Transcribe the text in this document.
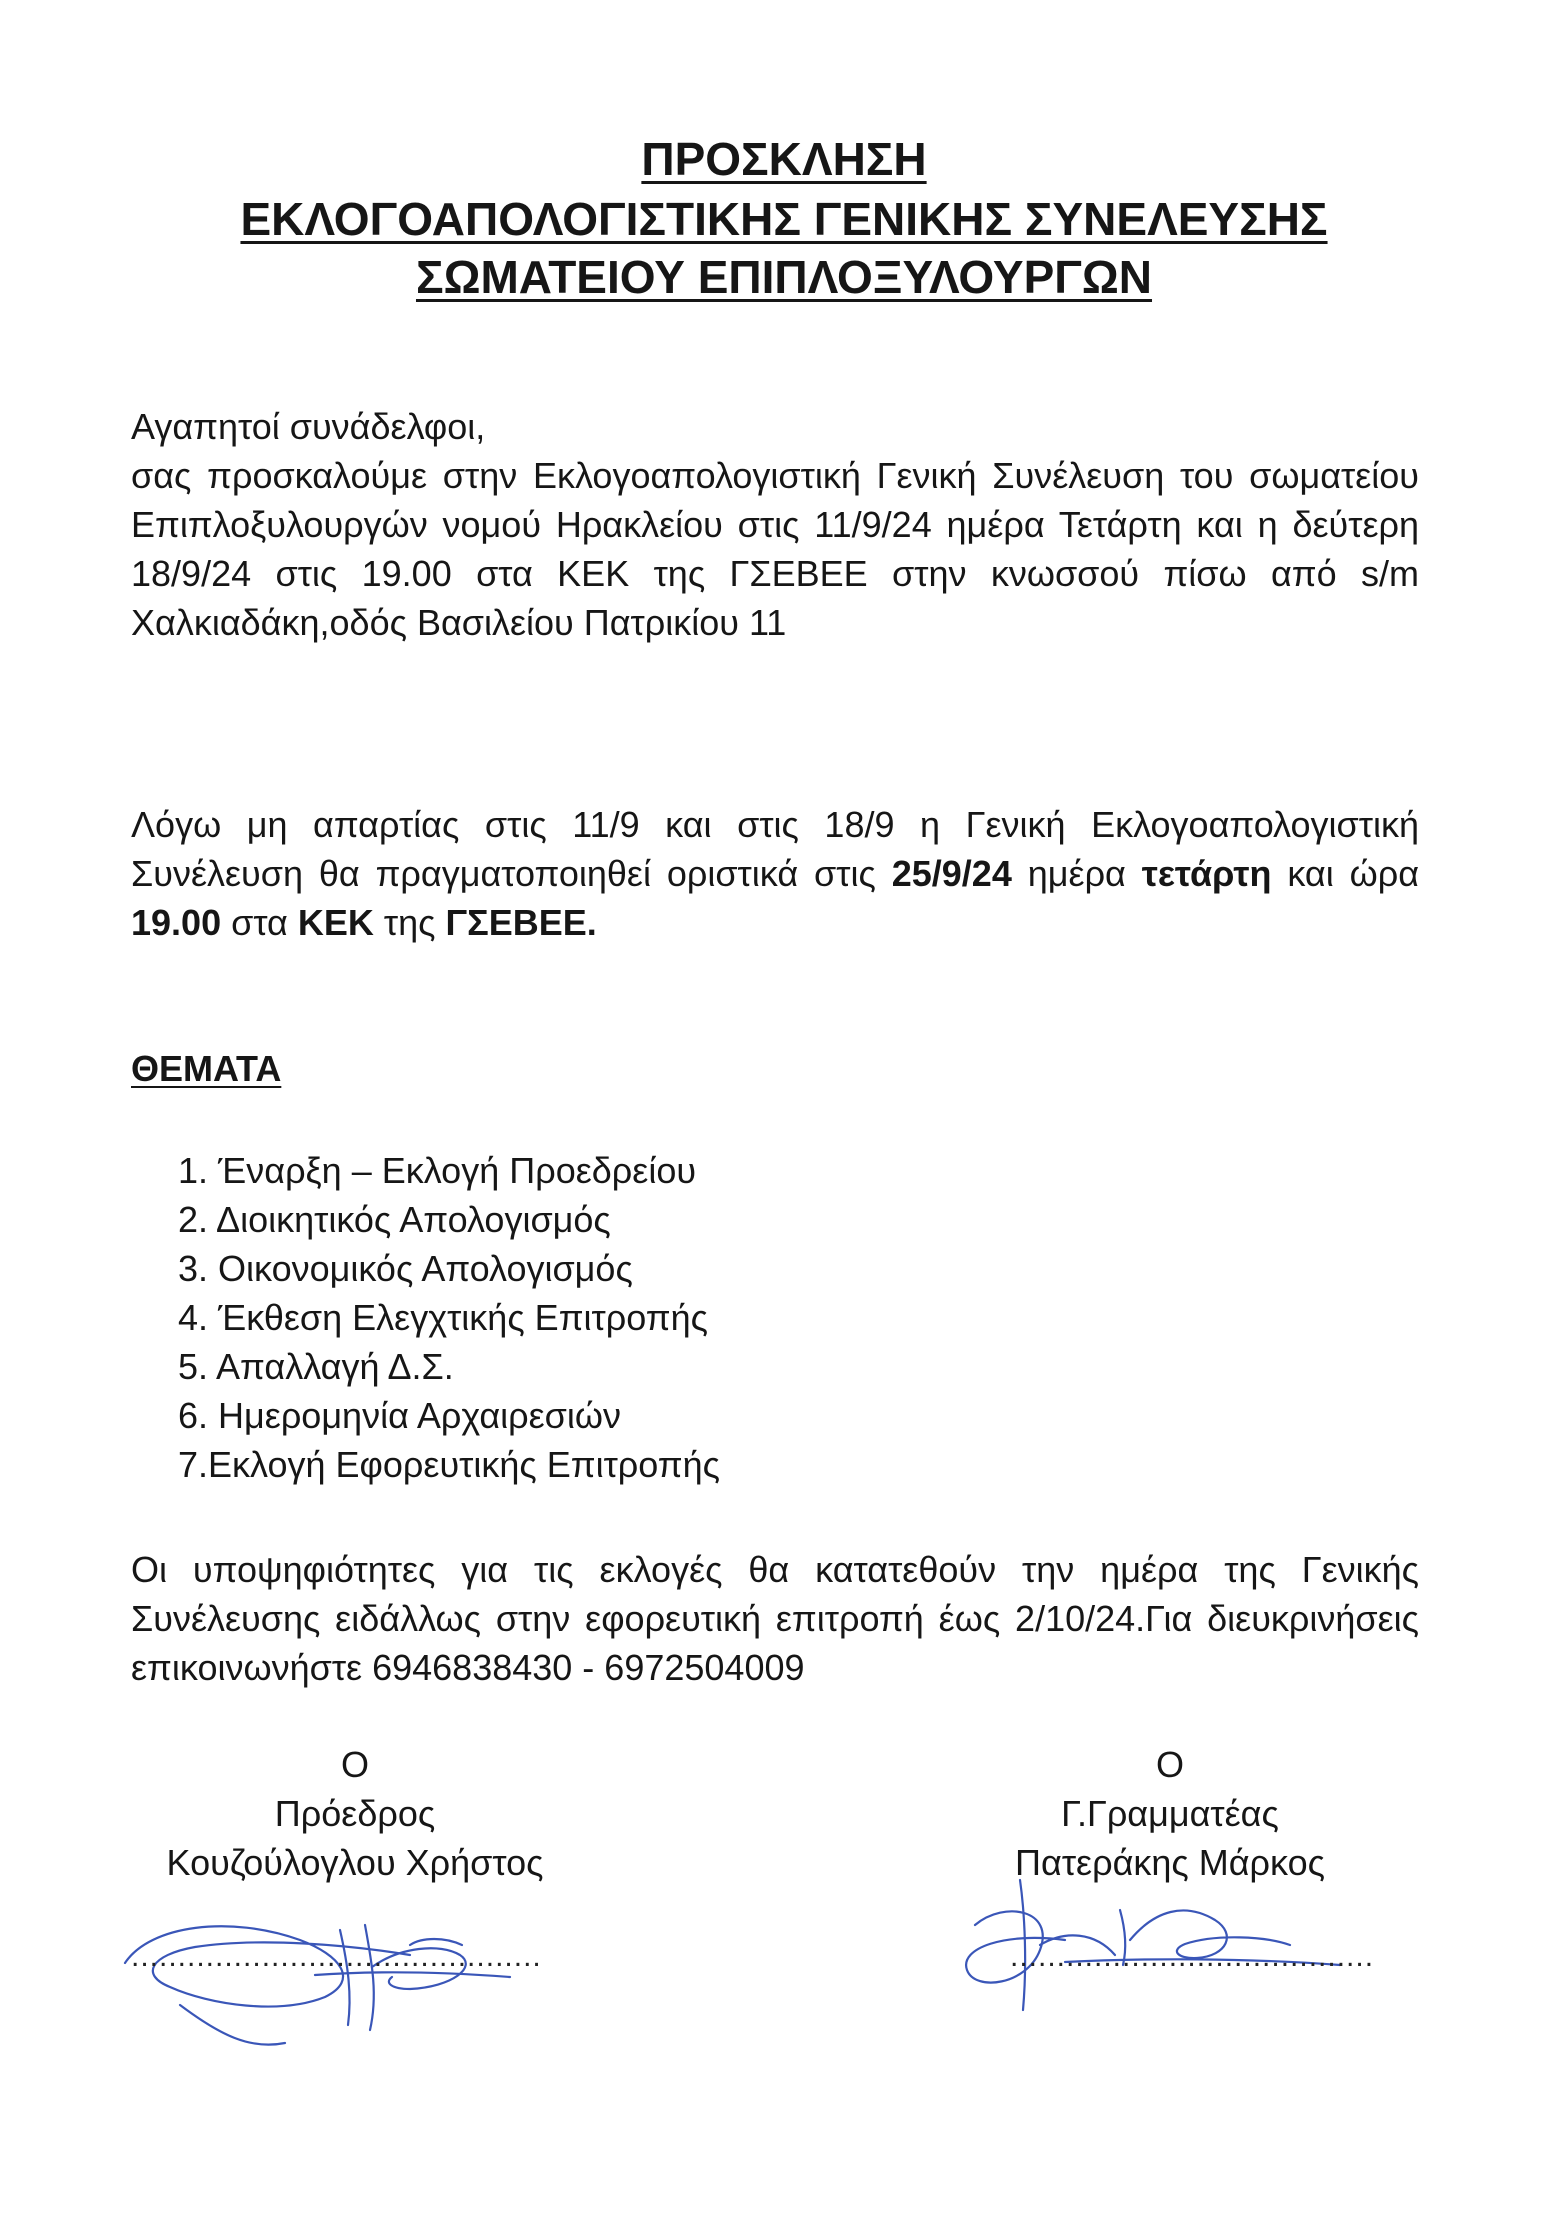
ΠΡΟΣΚΛΗΣΗ
ΕΚΛΟΓΟΑΠΟΛΟΓΙΣΤΙΚΗΣ ΓΕΝΙΚΗΣ ΣΥΝΕΛΕΥΣΗΣ
ΣΩΜΑΤΕΙΟΥ ΕΠΙΠΛΟΞΥΛΟΥΡΓΩΝ

Αγαπητοί συνάδελφοι,

σας προσκαλούμε στην Εκλογοαπολογιστική Γενική Συνέλευση του σωματείου Επιπλοξυλουργών νομού Ηρακλείου στις 11/9/24 ημέρα Τετάρτη και η δεύτερη 18/9/24 στις 19.00 στα ΚΕΚ της ΓΣΕΒΕΕ στην κνωσσού πίσω από s/m Χαλκιαδάκη,οδός Βασιλείου Πατρικίου 11

Λόγω μη απαρτίας στις 11/9 και στις 18/9 η Γενική Εκλογοαπολογιστική Συνέλευση θα πραγματοποιηθεί οριστικά στις 25/9/24 ημέρα τετάρτη και ώρα 19.00 στα ΚΕΚ της ΓΣΕΒΕΕ.

ΘΕΜΑΤΑ
1. Έναρξη – Εκλογή Προεδρείου
2. Διοικητικός Απολογισμός
3. Οικονομικός Απολογισμός
4. Έκθεση Ελεγχτικής Επιτροπής
5. Απαλλαγή Δ.Σ.
6. Ημερομηνία Αρχαιρεσιών
7.Εκλογή Εφορευτικής Επιτροπής

Οι υποψηφιότητες για τις εκλογές θα κατατεθούν την ημέρα της Γενικής Συνέλευσης ειδάλλως στην εφορευτική επιτροπή έως 2/10/24.Για διευκρινήσεις επικοινωνήστε 6946838430 - 6972504009

Ο
Πρόεδρος
Κουζούλογλου Χρήστος
Ο
Γ.Γραμματέας
Πατεράκης Μάρκος
............................................	.......................................
